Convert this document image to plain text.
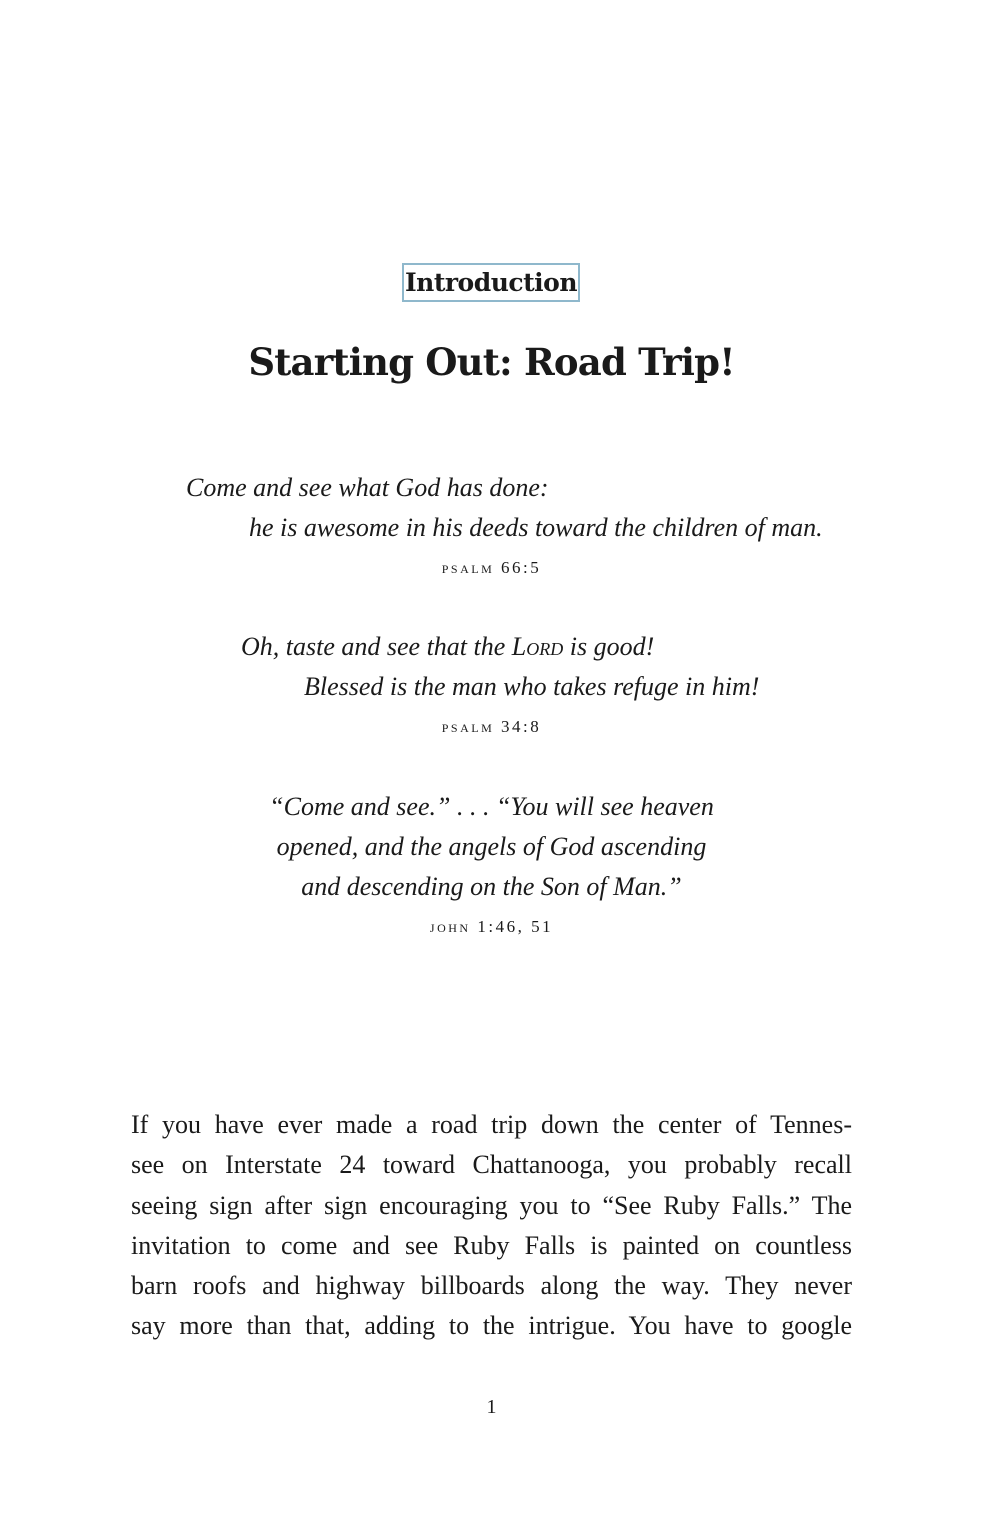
Introduction
Starting Out: Road Trip!
Come and see what God has done:
he is awesome in his deeds toward the children of man.
psalm 66:5
Oh, taste and see that the Lord is good!
Blessed is the man who takes refuge in him!
psalm 34:8
“Come and see.” . . . “You will see heaven
opened, and the angels of God ascending
and descending on the Son of Man.”
john 1:46, 51
If you have ever made a road trip down the center of Tennes-
see on Interstate 24 toward Chattanooga, you probably recall
seeing sign after sign encouraging you to “See Ruby Falls.” The
invitation to come and see Ruby Falls is painted on countless
barn roofs and highway billboards along the way. They never
say more than that, adding to the intrigue. You have to google
1
